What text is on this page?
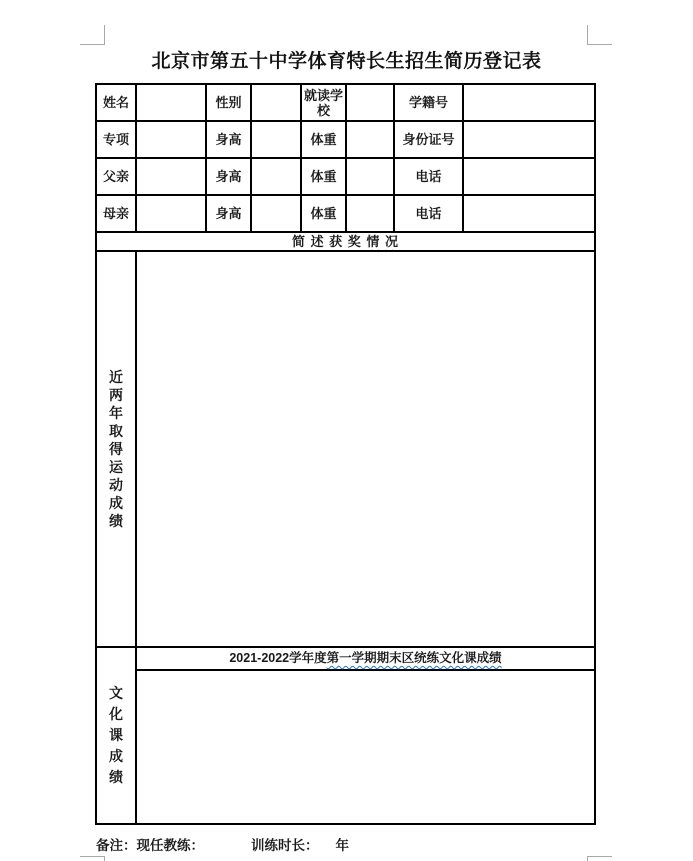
北京市第五十中学体育特长生招生简历登记表
姓名		性别		就读学校		学籍号	
专项		身高		体重		身份证号	
父亲		身高		体重		电话	
母亲		身高		体重		电话	
简 述 获 奖 情 况							
近两年取得运动成绩							
文化课成绩	2021-2022学年度第一学期期末区统练文化课成绩						
备注：现任教练：	训练时长： 年
